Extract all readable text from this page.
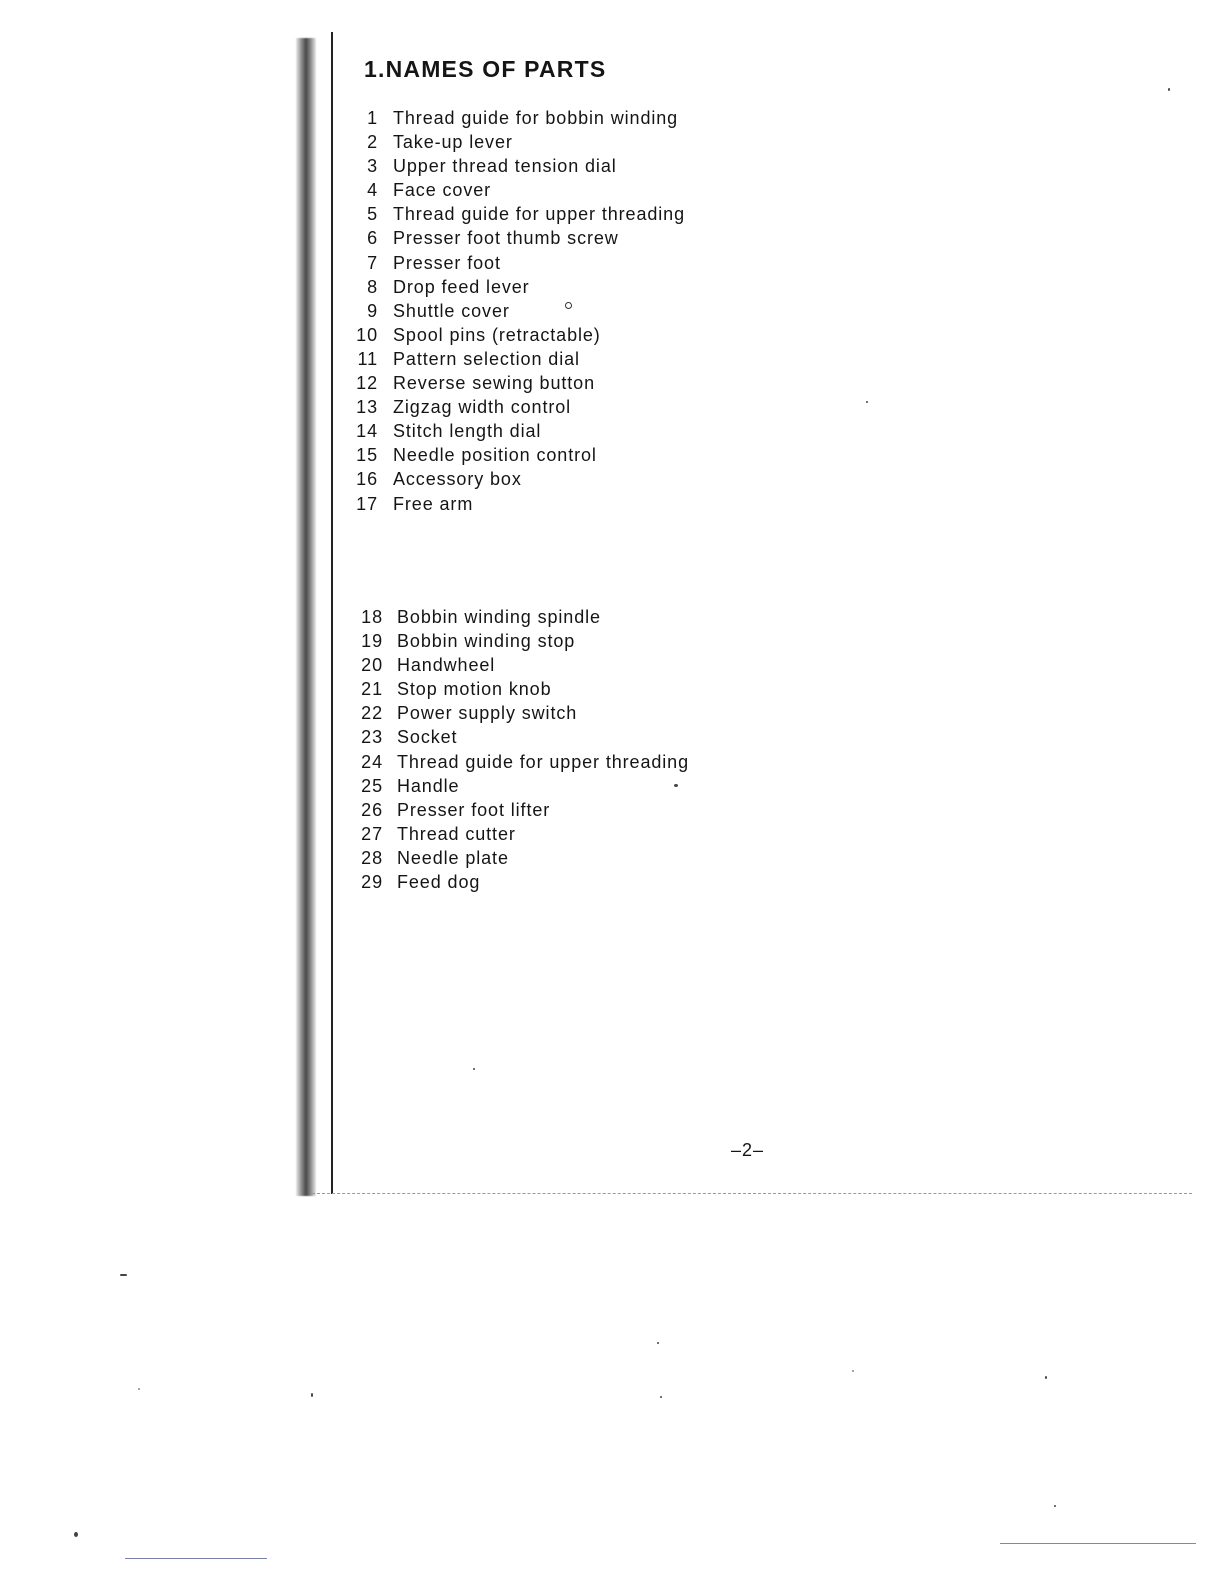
1.NAMES OF PARTS
1 Thread guide for bobbin winding
2 Take-up lever
3 Upper thread tension dial
4 Face cover
5 Thread guide for upper threading
6 Presser foot thumb screw
7 Presser foot
8 Drop feed lever
9 Shuttle cover
10 Spool pins (retractable)
11 Pattern selection dial
12 Reverse sewing button
13 Zigzag width control
14 Stitch length dial
15 Needle position control
16 Accessory box
17 Free arm
18 Bobbin winding spindle
19 Bobbin winding stop
20 Handwheel
21 Stop motion knob
22 Power supply switch
23 Socket
24 Thread guide for upper threading
25 Handle
26 Presser foot lifter
27 Thread cutter
28 Needle plate
29 Feed dog
–2–
